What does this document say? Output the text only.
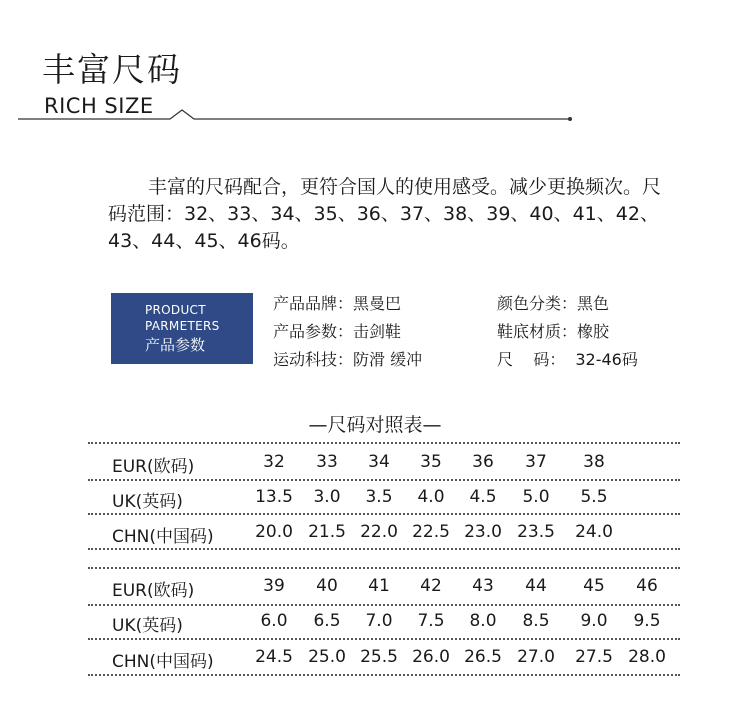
丰富尺码
RICH SIZE

丰富的尺码配合，更符合国人的使用感受。减少更换频次。尺码范围：32、33、34、35、36、37、38、39、40、41、42、43、44、45、46码。

PRODUCT
PARMETERS
产品参数
产品品牌：黑曼巴
产品参数：击剑鞋
运动科技：防滑 缓冲
颜色分类：黑色
鞋底材质：橡胶
尺    码： 32-46码
—尺码对照表—
EUR(欧码)	32	33	34	35	36	37	38
UK(英码)	13.5	3.0	3.5	4.0	4.5	5.0	5.5
CHN(中国码)	20.0 21.5 22.0 22.5 23.0 23.5	24.0
EUR(欧码)	39	40	41	42	43	44	45	46
UK(英码)	6.0	6.5	7.0	7.5	8.0	8.5	9.0	9.5
CHN(中国码)	24.5 25.0 25.5 26.0 26.5 27.0	27.5 28.0
